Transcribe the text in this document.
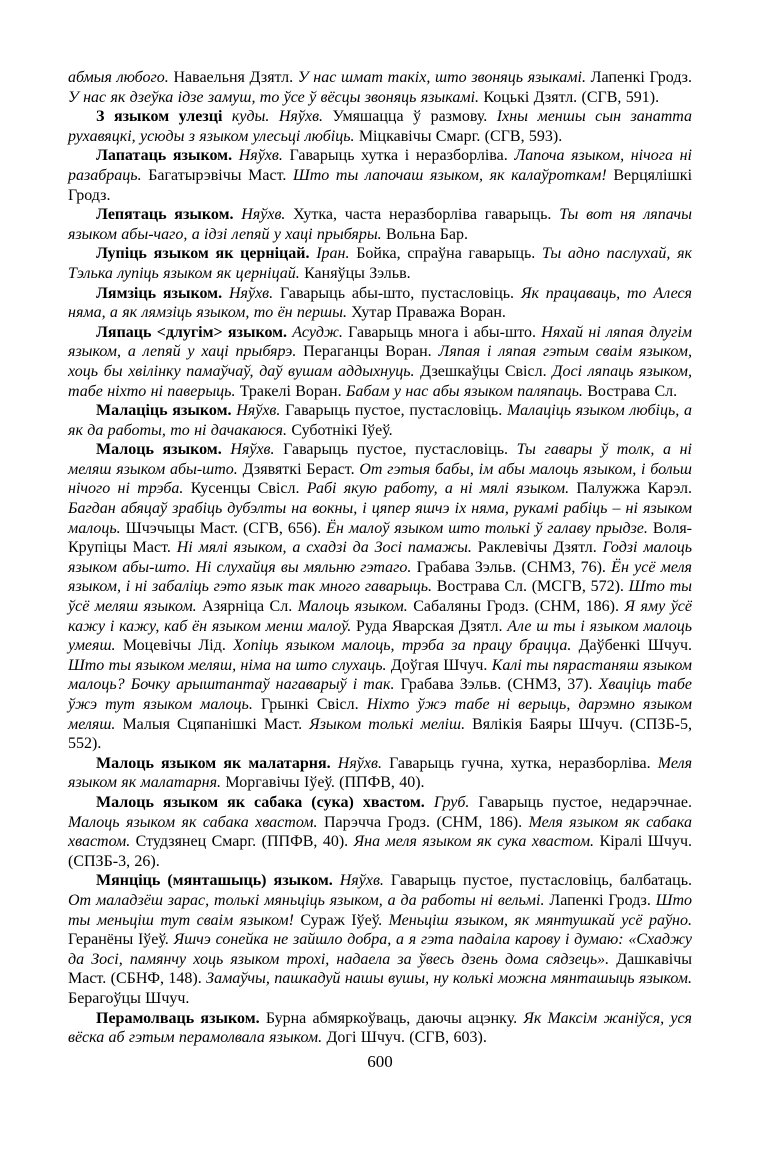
абмыя любого. Наваельня Дзятл. У нас шмат такіх, што звоняць языкамі. Лапенкі Гродз. У нас як дзеўка ідзе замуш, то ўсе ў вёсцы звоняць языкамі. Коцькі Дзятл. (СГВ, 591).

З языком улезці куды. Няўхв. Умяшацца ў размову. Іхны меншы сын занатта рухавяцкі, усюды з языком улесьці любіць. Міцкавічы Смарг. (СГВ, 593).

Лапатаць языком. Няўхв. Гаварыць хутка і неразборліва. Лапоча языком, нічога ні разабраць. Багатырэвічы Маст. Што ты лапочаш языком, як калаўроткам! Верцялішкі Гродз.

Лепятаць языком. Няўхв. Хутка, часта неразборліва гаварыць. Ты вот ня ляпачы языком абы-чаго, а ідзі лепяй у хаці прыбяры. Вольна Бар.

Лупіць языком як церніцай. Іран. Бойка, спраўна гаварыць. Ты адно паслухай, як Тэлька лупіць языком як церніцай. Каняўцы Зэльв.

Лямзіць языком. Няўхв. Гаварыць абы-што, пустасловіць. Як працаваць, то Алеся няма, а як лямзіць языком, то ён першы. Хутар Праважа Воран.

Ляпаць <длугім> языком. Асудж. Гаварыць многа і абы-што. Няхай ні ляпая длугім языком, а лепяй у хаці прыбярэ. Пераганцы Воран. Ляпая і ляпая гэтым сваім языком, хоць бы хвілінку памаўчаў, даў вушам аддыхнуць. Дзешкаўцы Свісл. Досі ляпаць языком, табе ніхто ні паверыць. Тракелі Воран. Бабам у нас абы языком паляпаць. Вострава Сл.

Малаціць языком. Няўхв. Гаварыць пустое, пустасловіць. Малаціць языком любіць, а як да работы, то ні дачакаюся. Суботнікі Іўеў.

Малоць языком. Няўхв. Гаварыць пустое, пустасловіць. Ты гавары ў толк, а ні меляш языком абы-што. Дзявяткі Бераст. От гэтыя бабы, ім абы малоць языком, і больш нічого ні трэба. Кусенцы Свісл. Рабі якую работу, а ні мялі языком. Палужжа Карэл. Багдан абяцаў зрабіць дубэлты на вокны, і цяпер яшчэ іх няма, рукамі рабіць – ні языком малоць. Шчэчыцы Маст. (СГВ, 656). Ён малоў языком што толькі ў галаву прыдзе. Воля-Крупіцы Маст. Ні мялі языком, а схадзі да Зосі памажы. Раклевічы Дзятл. Годзі малоць языком абы-што. Ні слухайця вы мяльню гэтаго. Грабава Зэльв. (СНМЗ, 76). Ён усё меля языком, і ні забаліць гэто язык так много гаварыць. Вострава Сл. (МСГВ, 572). Што ты ўсё меляш языком. Азярніца Сл. Малоць языком. Сабаляны Гродз. (СНМ, 186). Я яму ўсё кажу і кажу, каб ён языком менш малоў. Руда Яварская Дзятл. Але ш ты і языком малоць умеяш. Моцевічы Лід. Хопіць языком малоць, трэба за працу брацца. Даўбенкі Шчуч. Што ты языком меляш, німа на што слухаць. Доўгая Шчуч. Калі ты пярастаняш языком малоць? Бочку арыштантаў нагаварыў і так. Грабава Зэльв. (СНМЗ, 37). Хваціць табе ўжэ тут языком малоць. Грынкі Свісл. Ніхто ўжэ табе ні верыць, дарэмно языком меляш. Малыя Сцяпанішкі Маст. Языком толькі меліш. Вялікія Баяры Шчуч. (СПЗБ-5, 552).

Малоць языком як малатарня. Няўхв. Гаварыць гучна, хутка, неразборліва. Меля языком як малатарня. Моргавічы Іўеў. (ППФВ, 40).

Малоць языком як сабака (сука) хвастом. Груб. Гаварыць пустое, недарэчнае. Малоць языком як сабака хвастом. Парэчча Гродз. (СНМ, 186). Меля языком як сабака хвастом. Студзянец Смарг. (ППФВ, 40). Яна меля языком як сука хвастом. Кіралі Шчуч. (СПЗБ-3, 26).

Мянціць (мянташыць) языком. Няўхв. Гаварыць пустое, пустасловіць, балбатаць. От маладзёш зарас, толькі мяньціць языком, а да работы ні вельмі. Лапенкі Гродз. Што ты меньціш тут сваім языком! Сураж Іўеў. Меньціш языком, як мянтушкай усё раўно. Геранёны Іўеў. Яшчэ сонейка не зайшло добра, а я гэта падаіла карову і думаю: «Схаджу да Зосі, памянчу хоць языком трохі, надаела за ўвесь дзень дома сядзець». Дашкавічы Маст. (СБНФ, 148). Замаўчы, пашкадуй нашы вушы, ну колькі можна мянташыць языком. Берагоўцы Шчуч.

Перамолваць языком. Бурна абмяркоўваць, даючы ацэнку. Як Максім жаніўся, уся вёска аб гэтым перамолвала языком. Догі Шчуч. (СГВ, 603).

600
